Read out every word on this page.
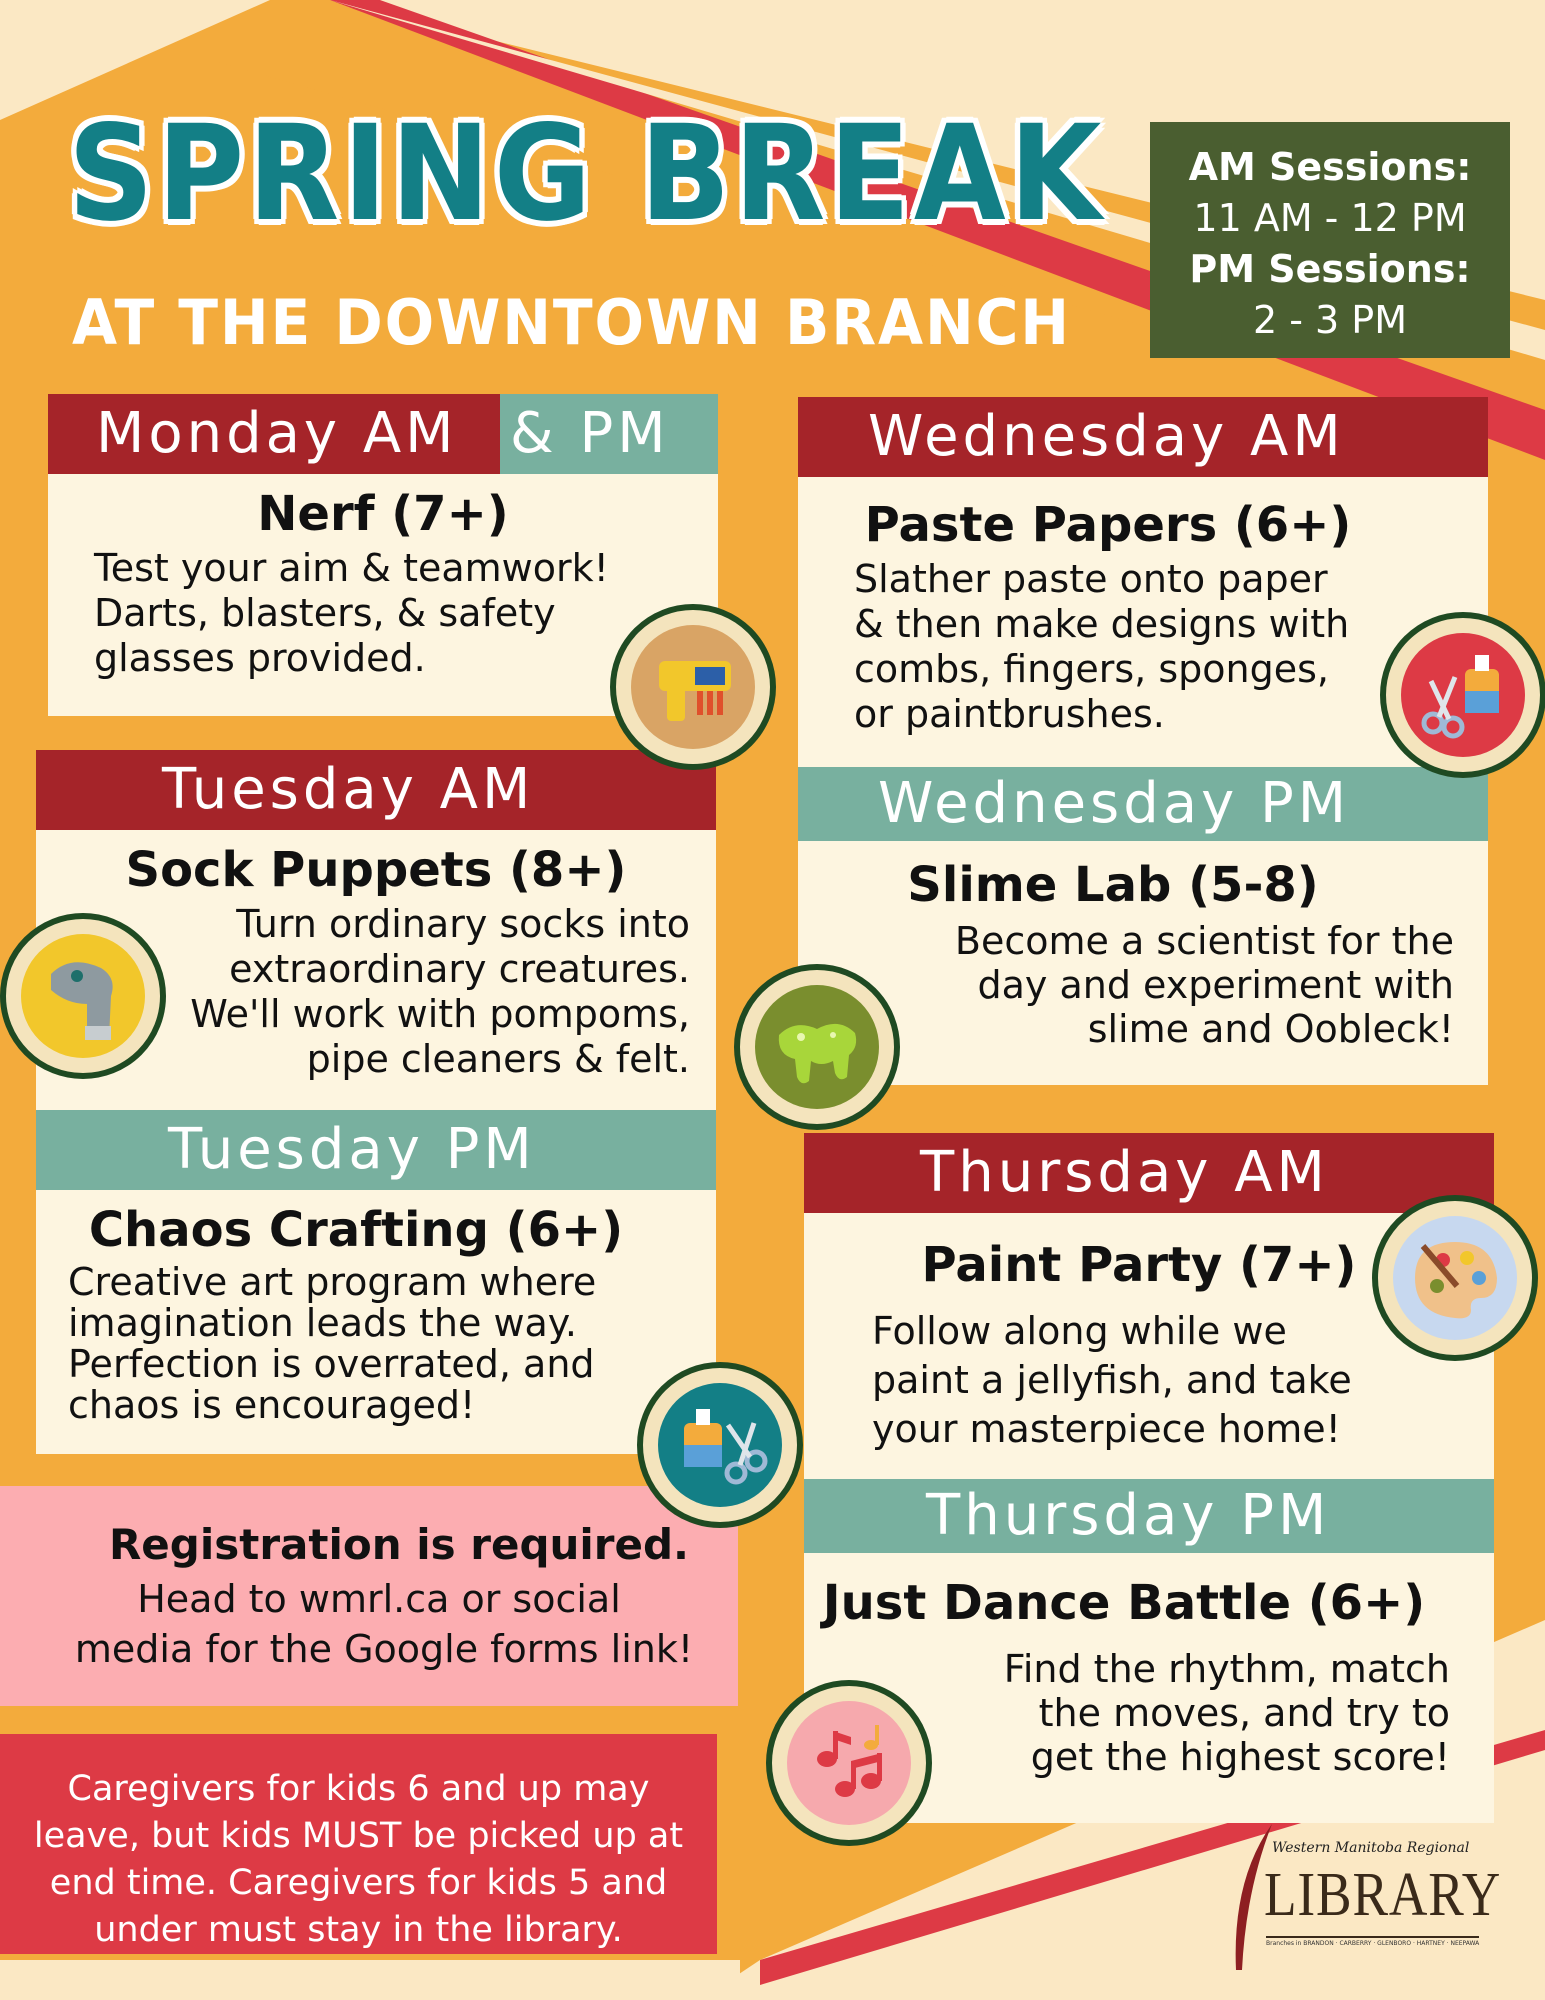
SPRING BREAK
AT THE DOWNTOWN BRANCH
AM Sessions:
11 AM - 12 PM
PM Sessions:
2 - 3 PM
Monday AM & PM
Nerf (7+)
Test your aim & teamwork!
Darts, blasters, & safety
glasses provided.
Tuesday AM
Sock Puppets (8+)
Turn ordinary socks into
extraordinary creatures.
We'll work with pompoms,
pipe cleaners & felt.
Tuesday PM
Chaos Crafting (6+)
Creative art program where
imagination leads the way.
Perfection is overrated, and
chaos is encouraged!
Wednesday AM
Paste Papers (6+)
Slather paste onto paper
& then make designs with
combs, fingers, sponges,
or paintbrushes.
Wednesday PM
Slime Lab (5-8)
Become a scientist for the
day and experiment with
slime and Oobleck!
Thursday AM
Paint Party (7+)
Follow along while we
paint a jellyfish, and take
your masterpiece home!
Thursday PM
Just Dance Battle (6+)
Find the rhythm, match
the moves, and try to
get the highest score!
Registration is required.
Head to wmrl.ca or social
media for the Google forms link!
Caregivers for kids 6 and up may
leave, but kids MUST be picked up at
end time. Caregivers for kids 5 and
under must stay in the library.
Western Manitoba Regional
LIBRARY
Branches in BRANDON · CARBERRY · GLENBORO · HARTNEY · NEEPAWA
